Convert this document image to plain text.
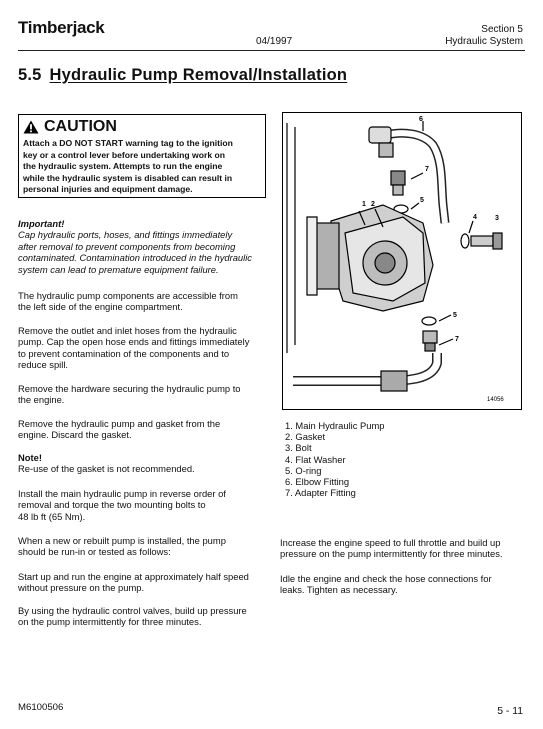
Timberjack
04/1997
Section 5
Hydraulic System
5.5 Hydraulic Pump Removal/Installation
CAUTION
Attach a DO NOT START warning tag to the ignition
key or a control lever before undertaking work on
the hydraulic system. Attempts to run the engine
while the hydraulic system is disabled can result in
personal injuries and equipment damage.
Important!
Cap hydraulic ports, hoses, and fittings immediately
after removal to prevent components from becoming
contaminated. Contamination introduced in the hydraulic
system can lead to premature equipment failure.
The hydraulic pump components are accessible from
the left side of the engine compartment.
Remove the outlet and inlet hoses from the hydraulic
pump. Cap the open hose ends and fittings immediately
to prevent contamination of the components and to
reduce spill.
Remove the hardware securing the hydraulic pump to
the engine.
Remove the hydraulic pump and gasket from the
engine. Discard the gasket.
Note!
Re-use of the gasket is not recommended.
Install the main hydraulic pump in reverse order of
removal and torque the two mounting bolts to
48 lb ft (65 Nm).
When a new or rebuilt pump is installed, the pump
should be run-in or tested as follows:
Start up and run the engine at approximately half speed
without pressure on the pump.
By using the hydraulic control valves, build up pressure
on the pump intermittently for three minutes.
2
1
3
4
5
5
6
7
7
14056
1. Main Hydraulic Pump
2. Gasket
3. Bolt
4. Flat Washer
5. O-ring
6. Elbow Fitting
7. Adapter Fitting
Increase the engine speed to full throttle and build up
pressure on the pump intermittently for three minutes.
Idle the engine and check the hose connections for
leaks. Tighten as necessary.
M6100506	5 - 11
